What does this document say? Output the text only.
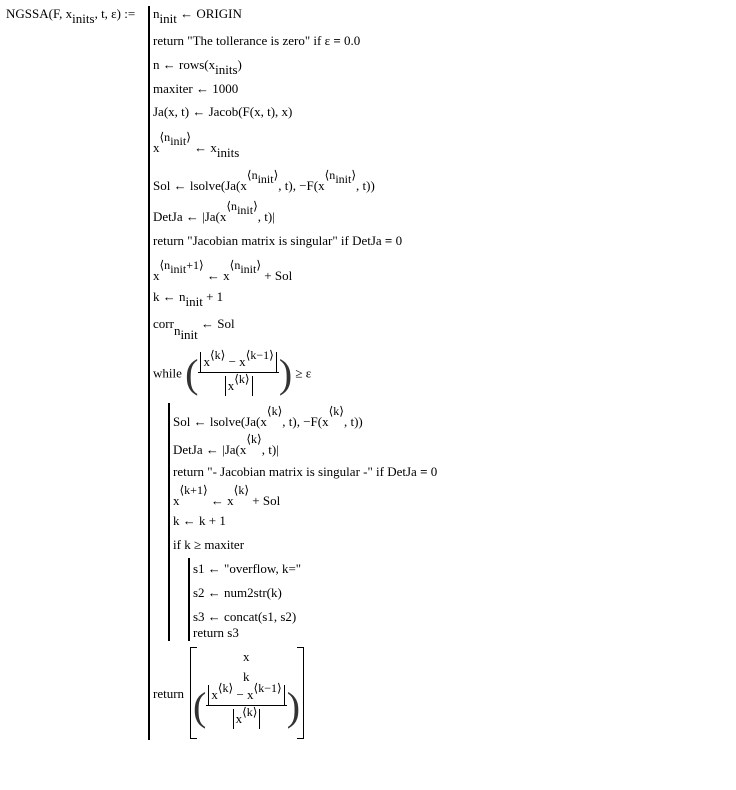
NGSSA(F, xinits, t, ε) := ninit ← ORIGIN
return "The tollerance is zero" if ε = 0.0
n ← rows(xinits)
maxiter ← 1000
Ja(x, t) ← Jacob(F(x, t), x)
x⟨ninit⟩ ← xinits
Sol ← lsolve(Ja(x⟨ninit⟩, t), −F(x⟨ninit⟩, t))
DetJa ← |Ja(x⟨ninit⟩, t)|
return "Jacobian matrix is singular" if DetJa = 0
x⟨ninit+1⟩ ← x⟨ninit⟩ + Sol
k ← ninit + 1
corrninit ← Sol
while ( $\frac{x⟨k⟩ - x⟨k-1⟩}{x⟨k⟩}$ ) ≥ ε
Sol ← lsolve(Ja(x⟨k⟩, t), −F(x⟨k⟩, t))
DetJa ← |Ja(x⟨k⟩, t)|
return "- Jacobian matrix is singular -" if DetJa = 0
x⟨k+1⟩ ← x⟨k⟩ + Sol
k ← k + 1
if k ≥ maxiter
s1 ← "overflow, k="
s2 ← num2str(k)
s3 ← concat(s1, s2)
return s3
return
x
k
( $\frac{x⟨k⟩ - x⟨k-1⟩}{x⟨k⟩}$ )
